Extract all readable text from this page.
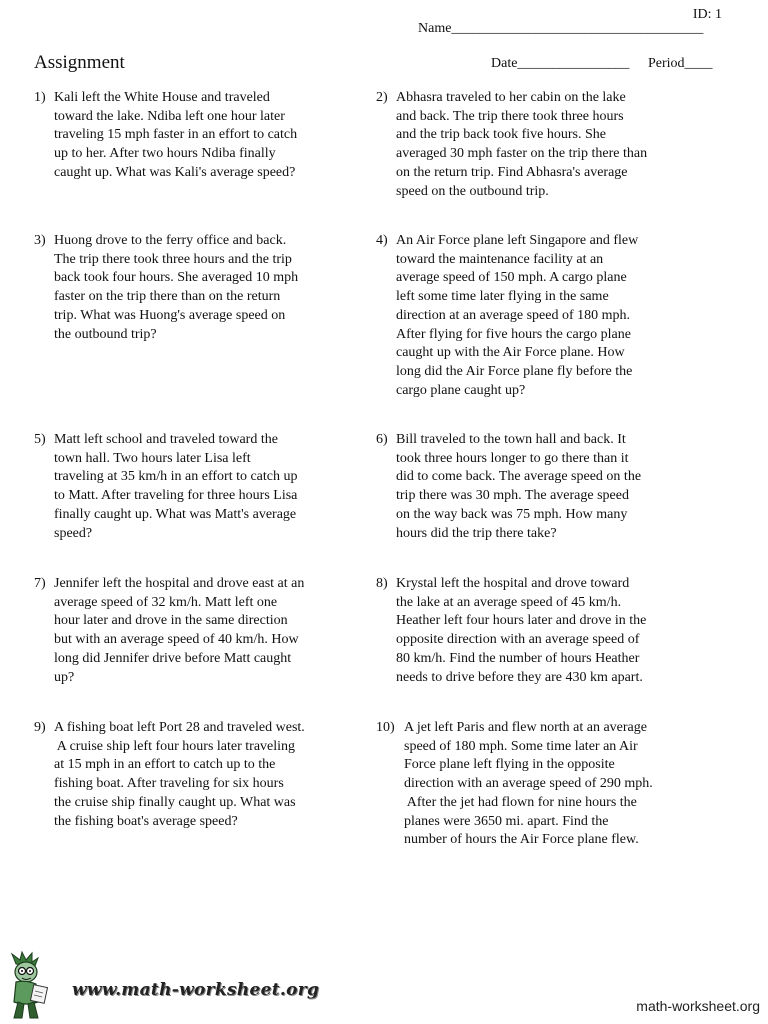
ID: 1
Name____________________________________
Assignment	Date________________ Period____
1) Kali left the White House and traveled
toward the lake. Ndiba left one hour later
traveling 15 mph faster in an effort to catch
up to her. After two hours Ndiba finally
caught up. What was Kali's average speed?
2) Abhasra traveled to her cabin on the lake
and back. The trip there took three hours
and the trip back took five hours. She
averaged 30 mph faster on the trip there than
on the return trip. Find Abhasra's average
speed on the outbound trip.
3) Huong drove to the ferry office and back.
The trip there took three hours and the trip
back took four hours. She averaged 10 mph
faster on the trip there than on the return
trip. What was Huong's average speed on
the outbound trip?
4) An Air Force plane left Singapore and flew
toward the maintenance facility at an
average speed of 150 mph. A cargo plane
left some time later flying in the same
direction at an average speed of 180 mph.
After flying for five hours the cargo plane
caught up with the Air Force plane. How
long did the Air Force plane fly before the
cargo plane caught up?
5) Matt left school and traveled toward the
town hall. Two hours later Lisa left
traveling at 35 km/h in an effort to catch up
to Matt. After traveling for three hours Lisa
finally caught up. What was Matt's average
speed?
6) Bill traveled to the town hall and back. It
took three hours longer to go there than it
did to come back. The average speed on the
trip there was 30 mph. The average speed
on the way back was 75 mph. How many
hours did the trip there take?
7) Jennifer left the hospital and drove east at an
average speed of 32 km/h. Matt left one
hour later and drove in the same direction
but with an average speed of 40 km/h. How
long did Jennifer drive before Matt caught
up?
8) Krystal left the hospital and drove toward
the lake at an average speed of 45 km/h.
Heather left four hours later and drove in the
opposite direction with an average speed of
80 km/h. Find the number of hours Heather
needs to drive before they are 430 km apart.
9) A fishing boat left Port 28 and traveled west.
A cruise ship left four hours later traveling
at 15 mph in an effort to catch up to the
fishing boat. After traveling for six hours
the cruise ship finally caught up. What was
the fishing boat's average speed?
10) A jet left Paris and flew north at an average
speed of 180 mph. Some time later an Air
Force plane left flying in the opposite
direction with an average speed of 290 mph.
After the jet had flown for nine hours the
planes were 3650 mi. apart. Find the
number of hours the Air Force plane flew.
www.math-worksheet.org
math-worksheet.org
